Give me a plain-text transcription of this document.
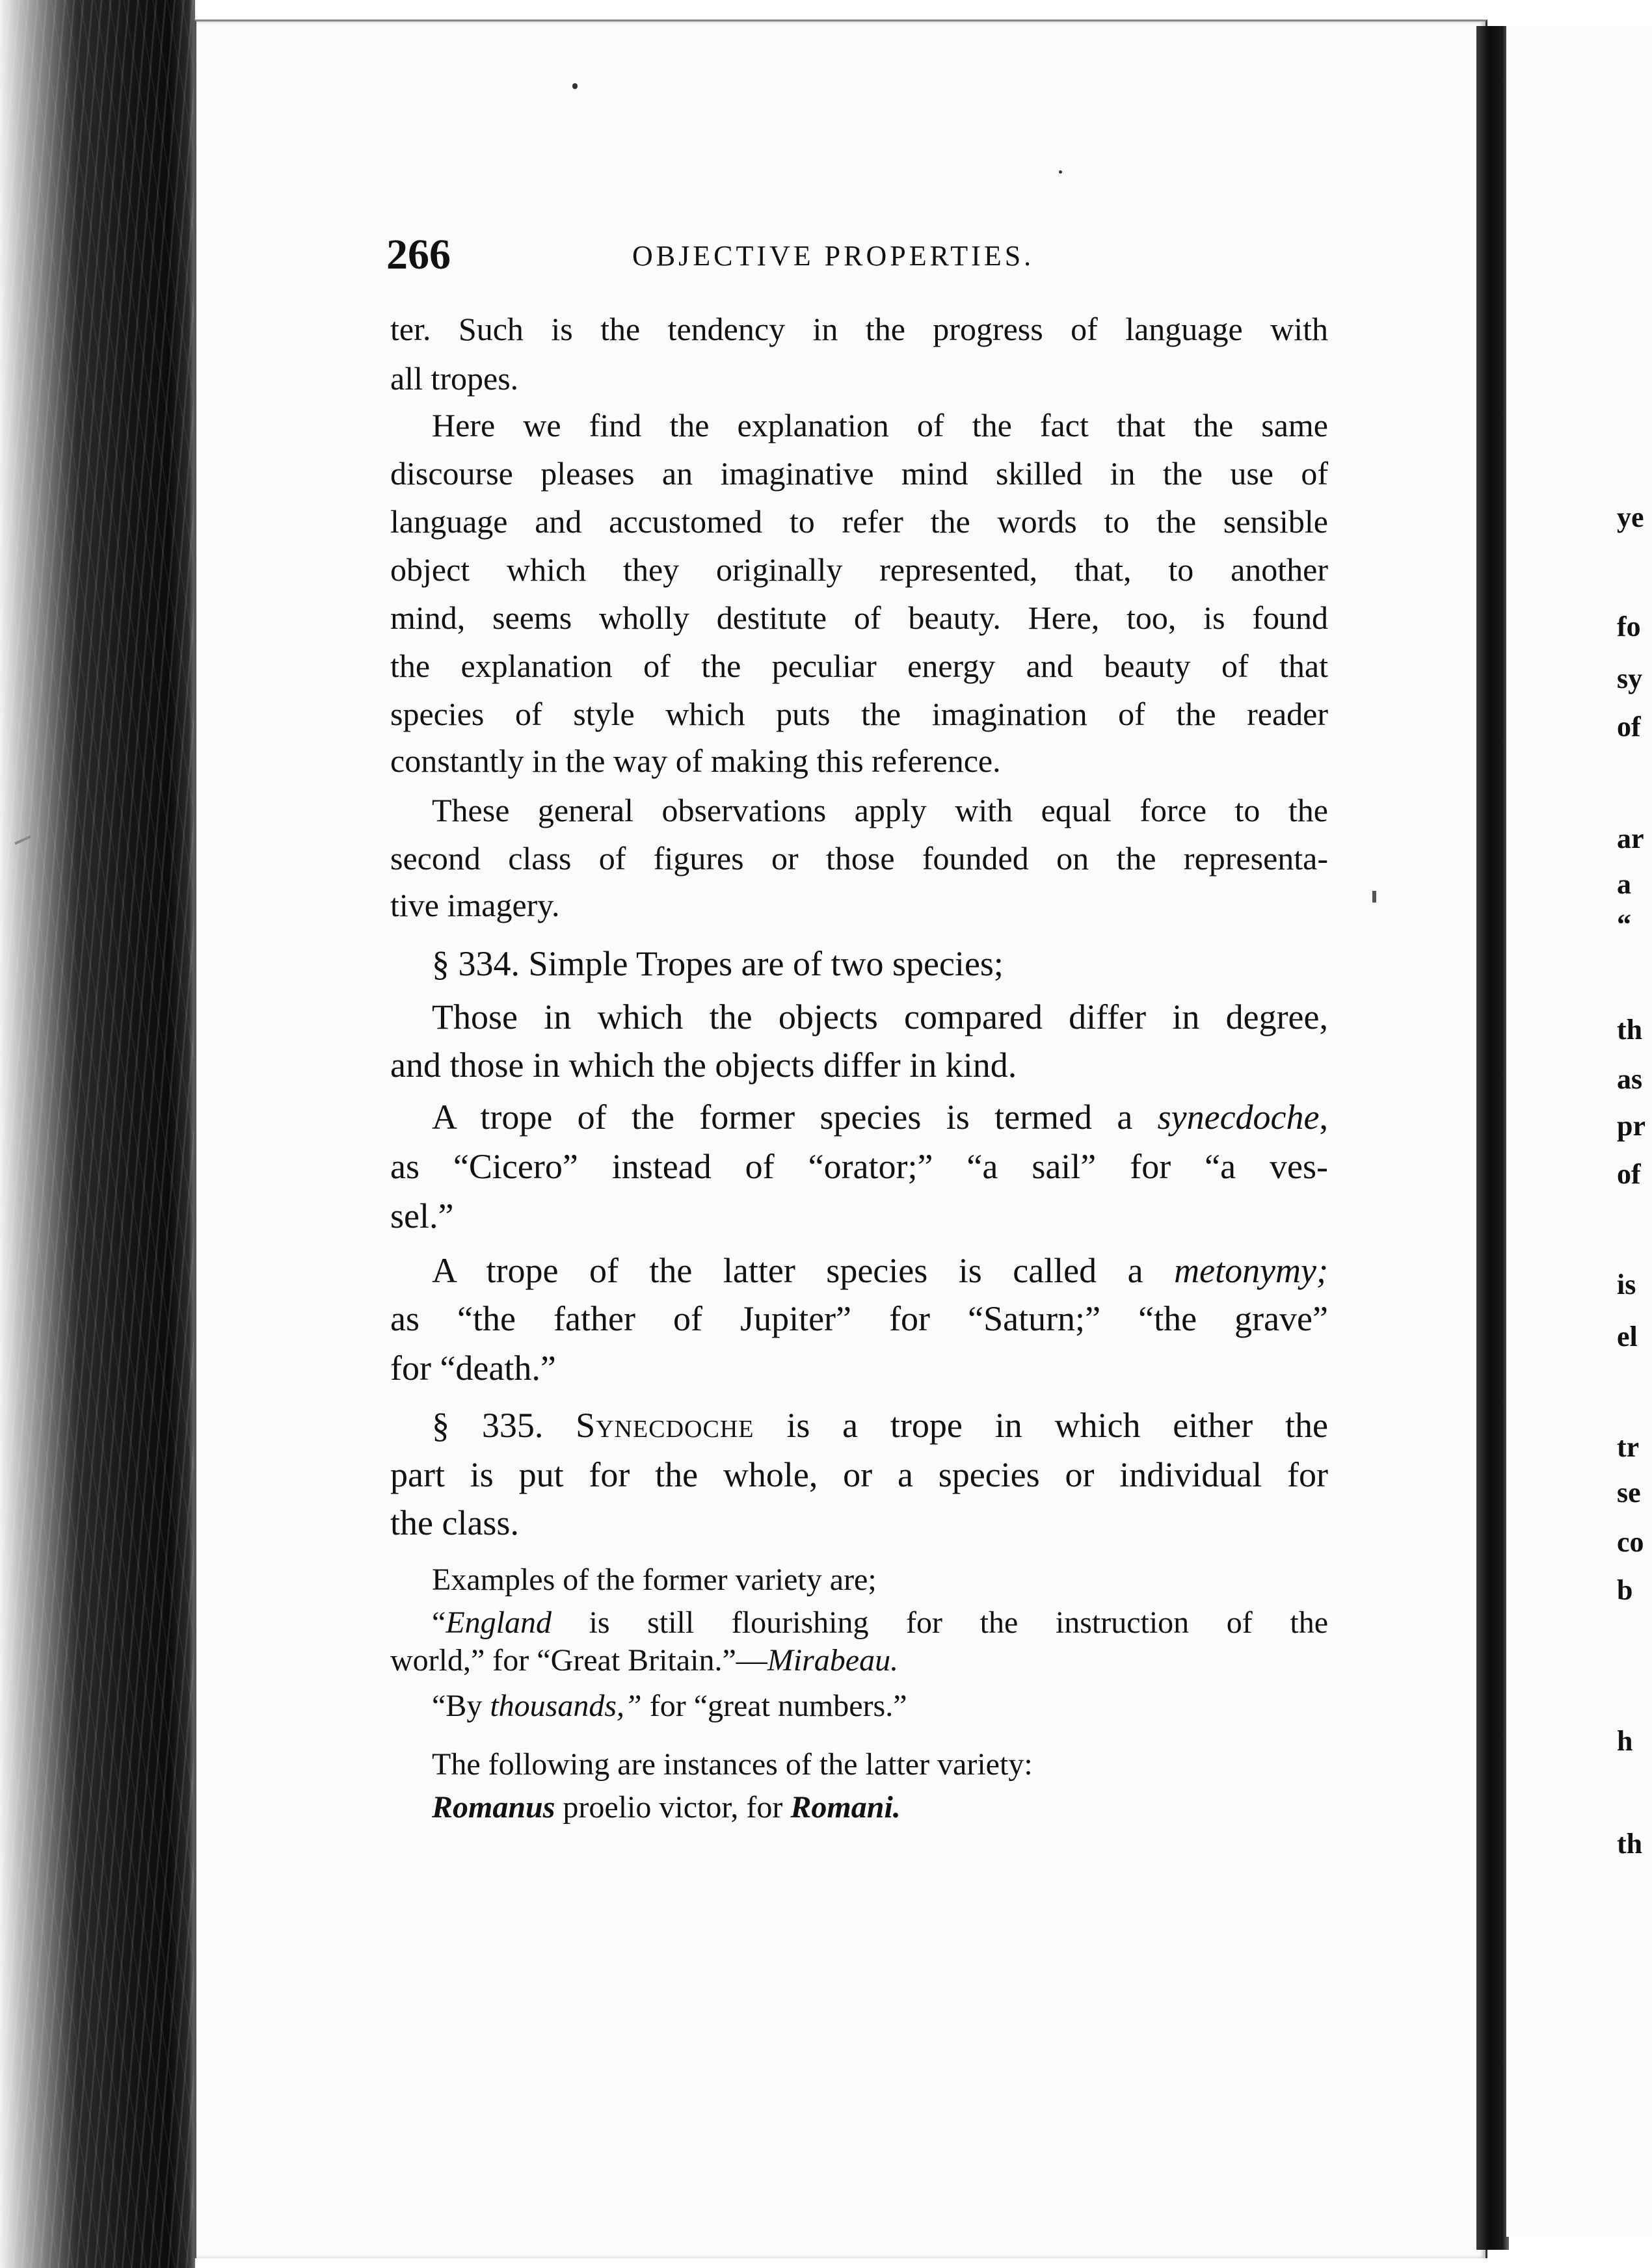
266	OBJECTIVE PROPERTIES.

ter. Such is the tendency in the progress of language with

all tropes.

Here we find the explanation of the fact that the same

discourse pleases an imaginative mind skilled in the use of

language and accustomed to refer the words to the sensible

object which they originally represented, that, to another

mind, seems wholly destitute of beauty. Here, too, is found

the explanation of the peculiar energy and beauty of that

species of style which puts the imagination of the reader

constantly in the way of making this reference.

These general observations apply with equal force to the

second class of figures or those founded on the representa-

tive imagery.

§ 334. Simple Tropes are of two species;

Those in which the objects compared differ in degree,

and those in which the objects differ in kind.

A trope of the former species is termed a synecdoche,

as “Cicero” instead of “orator;” “a sail” for “a ves-

sel.”

A trope of the latter species is called a metonymy;

as “the father of Jupiter” for “Saturn;” “the grave”

for “death.”

§ 335. Synecdoche is a trope in which either the

part is put for the whole, or a species or individual for

the class.

Examples of the former variety are;

“England is still flourishing for the instruction of the

world,” for “Great Britain.”—Mirabeau.

“By thousands,” for “great numbers.”

The following are instances of the latter variety:

Romanus proelio victor, for Romani.

ye
fo
sy
of
ar
a
“
th
as
pr
of
is
el
tr
se
co
b
h
th
